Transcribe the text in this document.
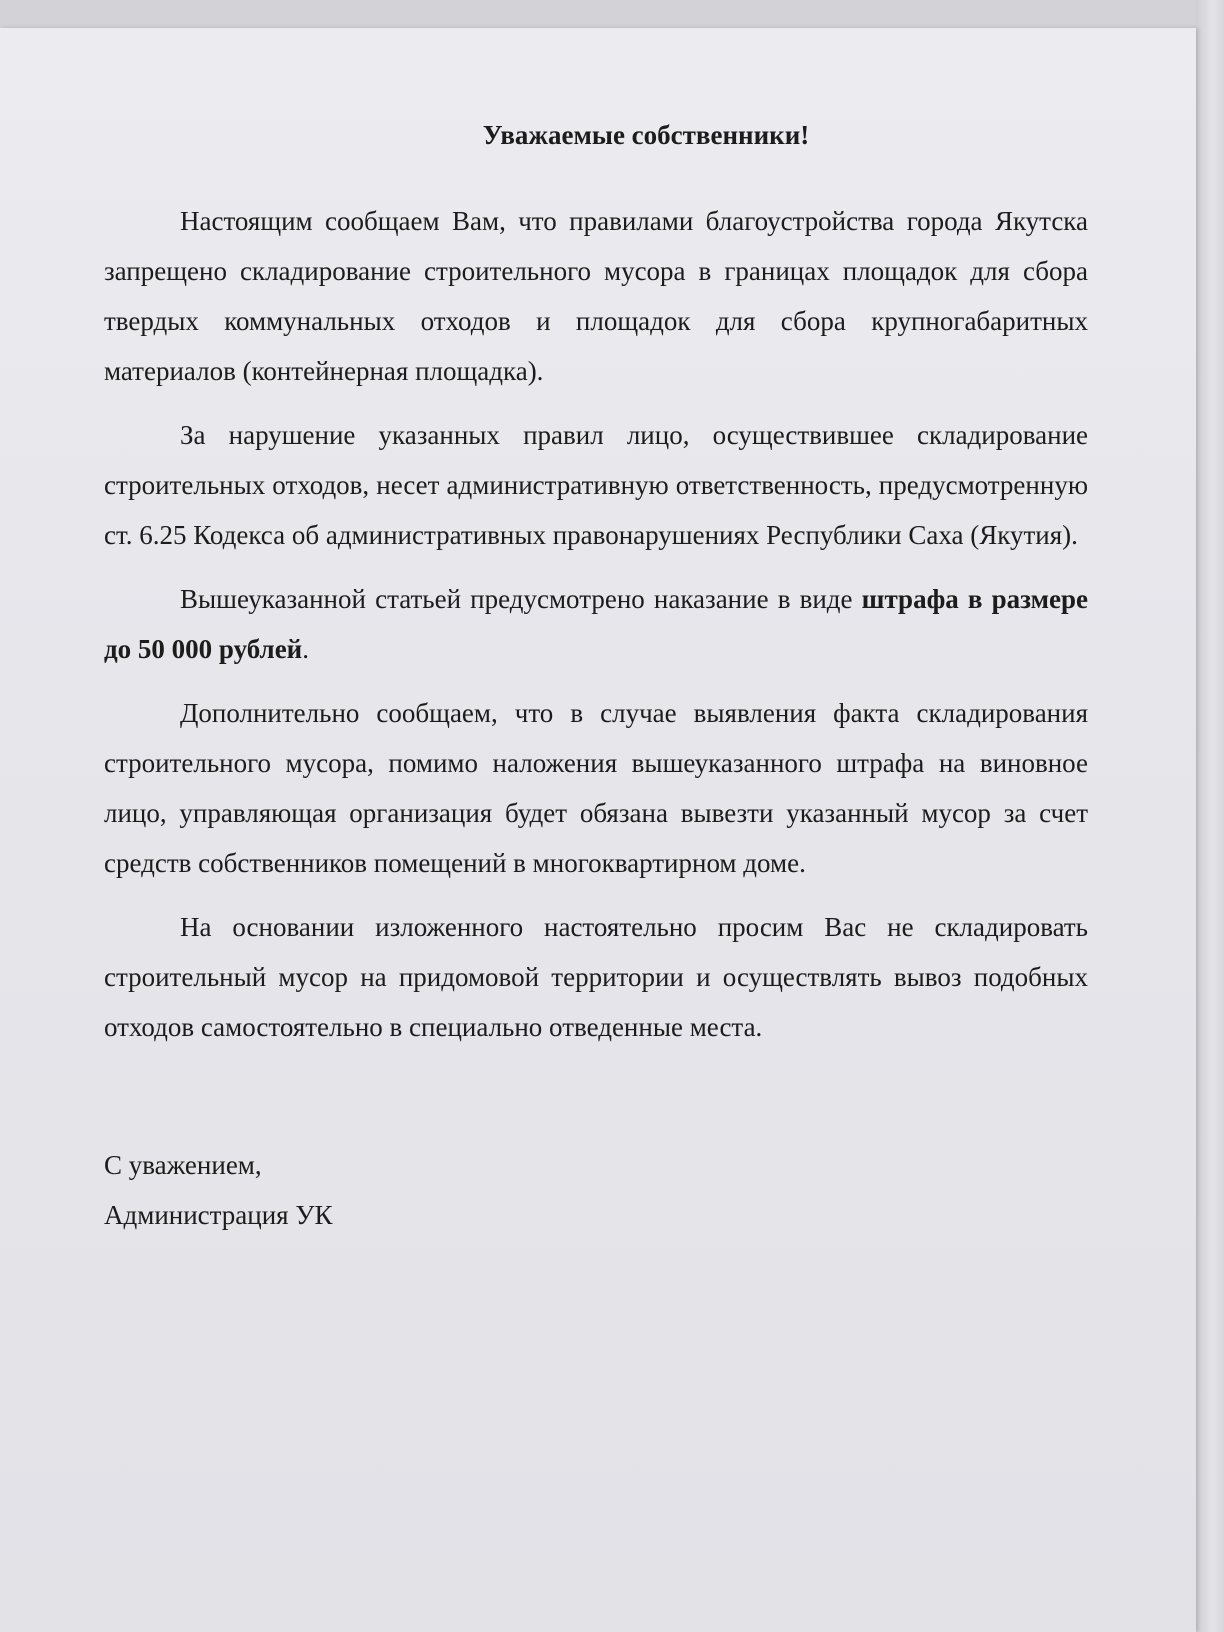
Уважаемые собственники!

Настоящим сообщаем Вам, что правилами благоустройства города Якутска запрещено складирование строительного мусора в границах площадок для сбора твердых коммунальных отходов и площадок для сбора крупногабаритных материалов (контейнерная площадка).

За нарушение указанных правил лицо, осуществившее складирование строительных отходов, несет административную ответственность, предусмотренную ст. 6.25 Кодекса об административных правонарушениях Республики Саха (Якутия).

Вышеуказанной статьей предусмотрено наказание в виде штрафа в размере до 50 000 рублей.

Дополнительно сообщаем, что в случае выявления факта складирования строительного мусора, помимо наложения вышеуказанного штрафа на виновное лицо, управляющая организация будет обязана вывезти указанный мусор за счет средств собственников помещений в многоквартирном доме.

На основании изложенного настоятельно просим Вас не складировать строительный мусор на придомовой территории и осуществлять вывоз подобных отходов самостоятельно в специально отведенные места.

С уважением,
Администрация УК
